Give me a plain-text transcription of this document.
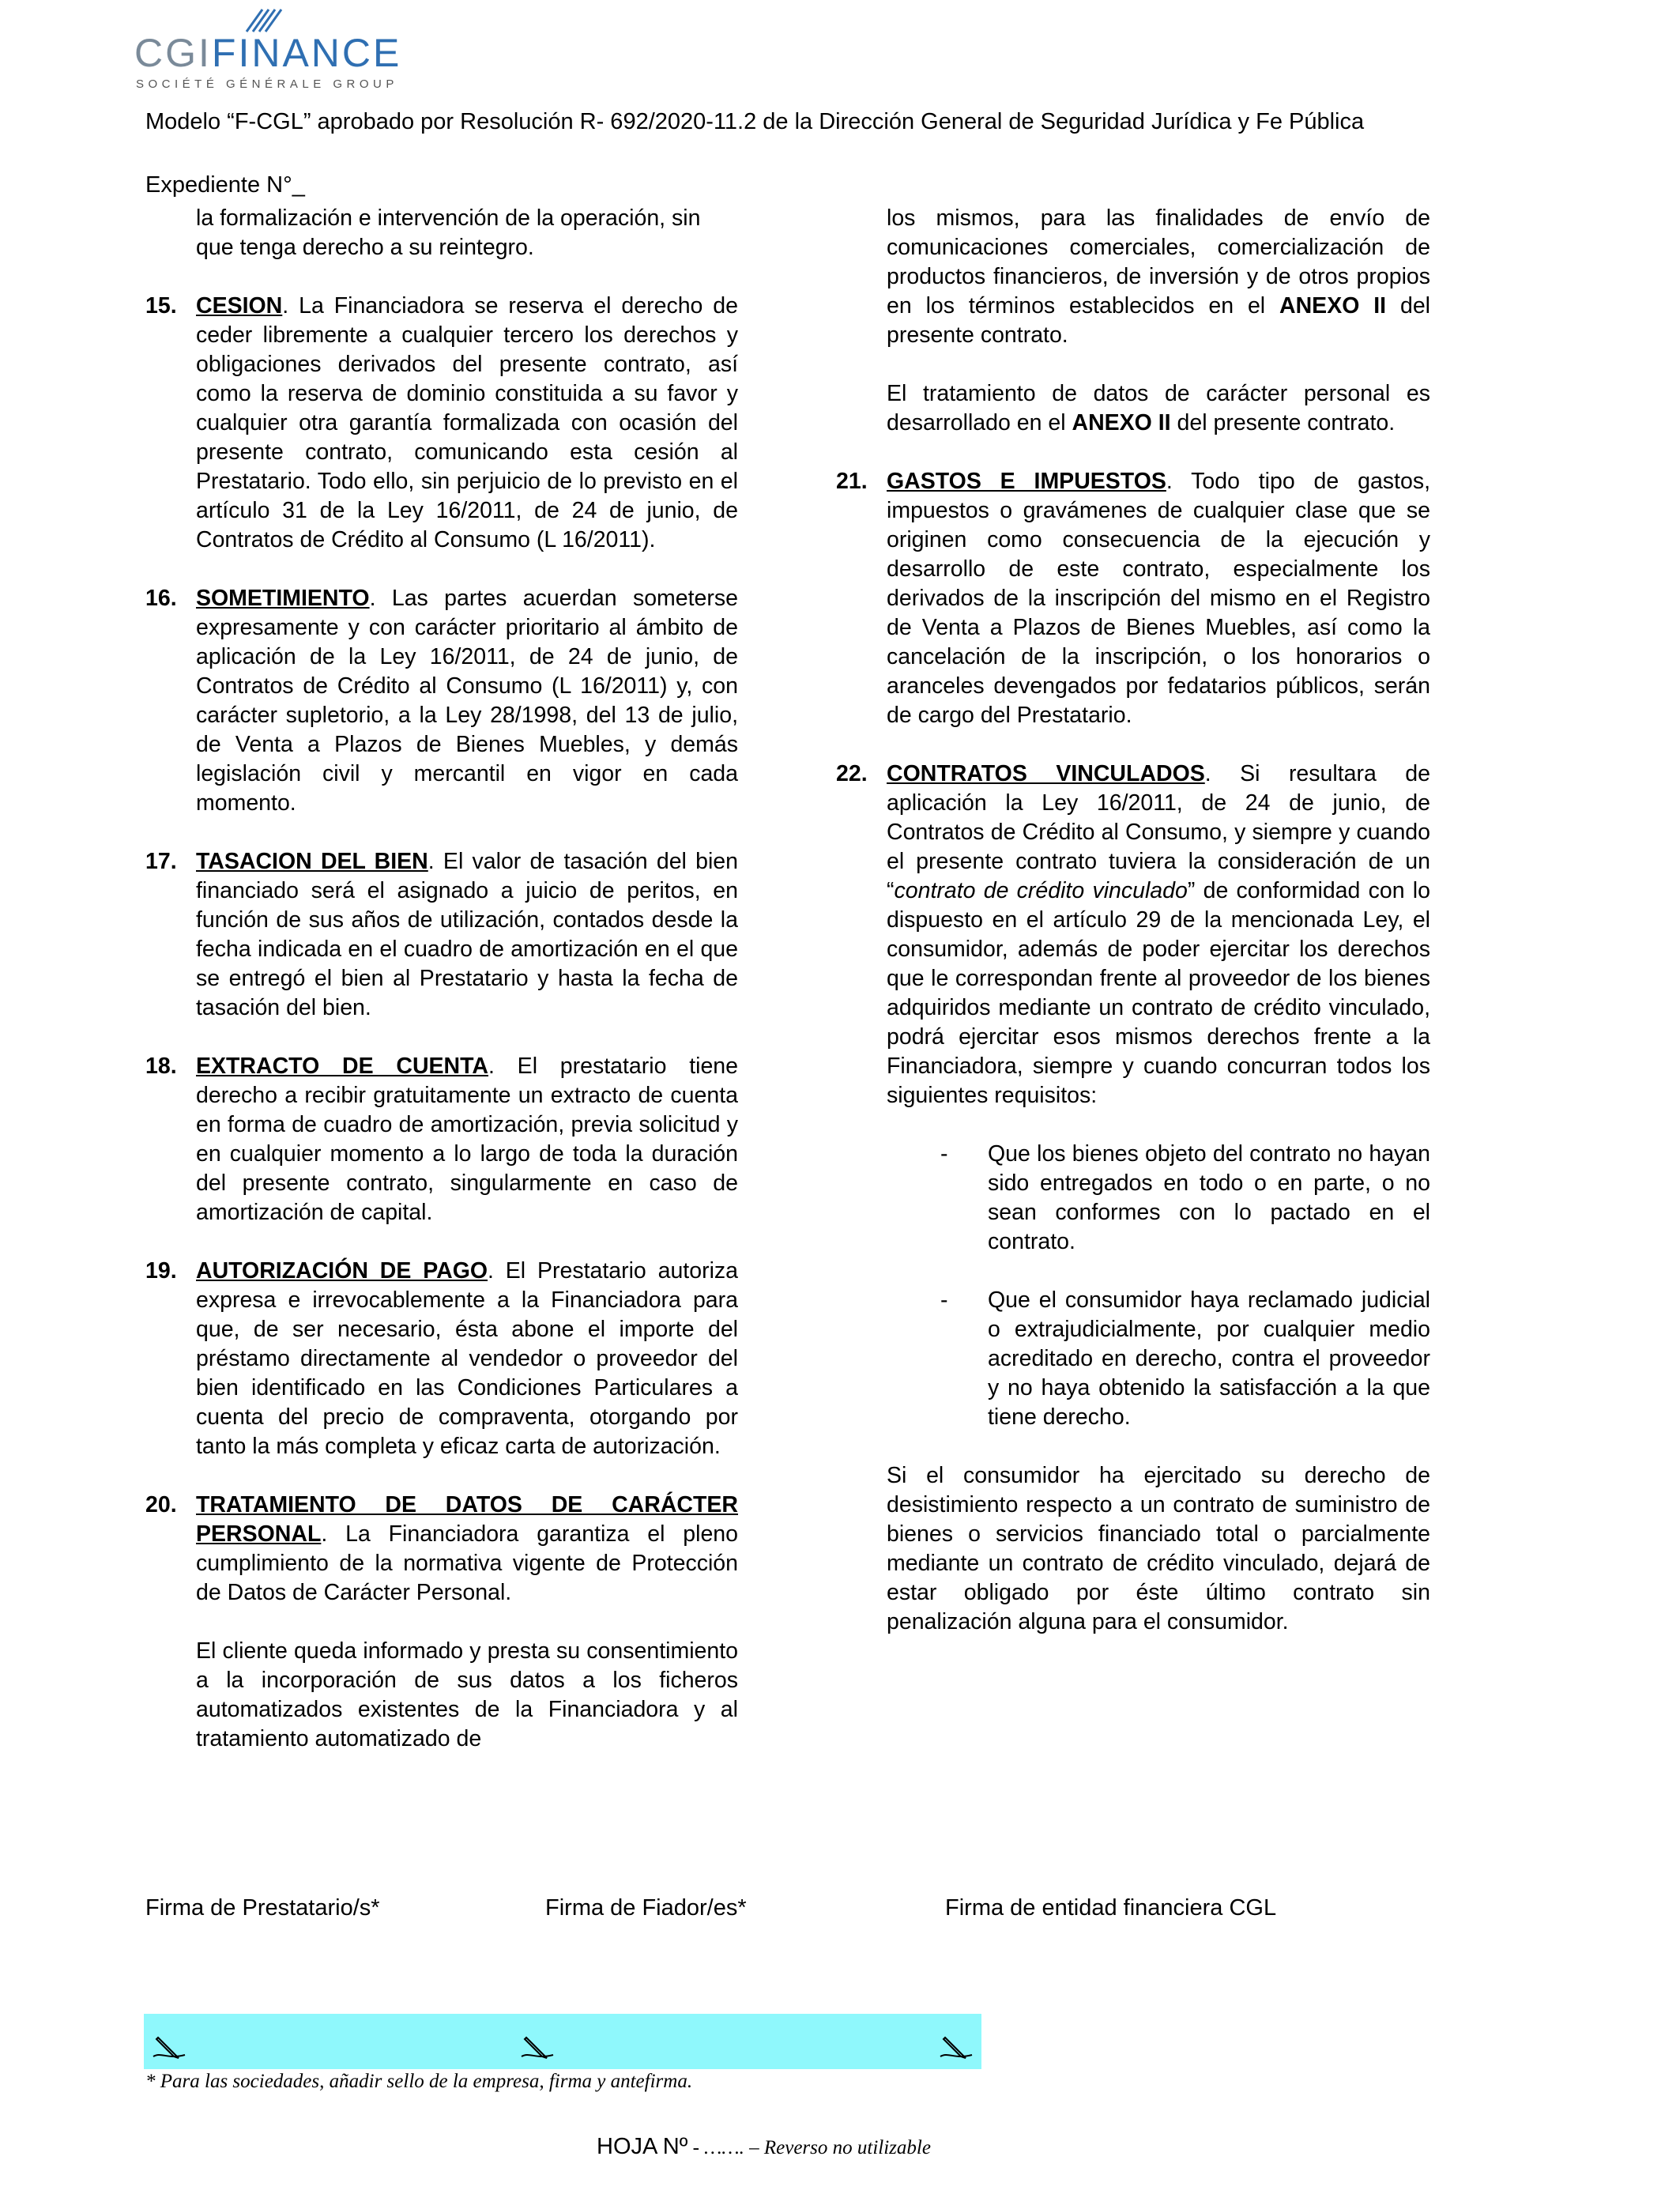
CGIFINANCE
SOCIÉTÉ GÉNÉRALE GROUP
Modelo “F-CGL” aprobado por Resolución R- 692/2020-11.2 de la Dirección General de Seguridad Jurídica y Fe Pública
Expediente N°_

la formalización e intervención de la operación, sin que tenga derecho a su reintegro.

15. CESION. La Financiadora se reserva el derecho de ceder libremente a cualquier tercero los derechos y obligaciones derivados del presente contrato, así como la reserva de dominio constituida a su favor y cualquier otra garantía formalizada con ocasión del presente contrato, comunicando esta cesión al Prestatario. Todo ello, sin perjuicio de lo previsto en el artículo 31 de la Ley 16/2011, de 24 de junio, de Contratos de Crédito al Consumo (L 16/2011).

16. SOMETIMIENTO. Las partes acuerdan someterse expresamente y con carácter prioritario al ámbito de aplicación de la Ley 16/2011, de 24 de junio, de Contratos de Crédito al Consumo (L 16/2011) y, con carácter supletorio, a la Ley 28/1998, del 13 de julio, de Venta a Plazos de Bienes Muebles, y demás legislación civil y mercantil en vigor en cada momento.

17. TASACION DEL BIEN. El valor de tasación del bien financiado será el asignado a juicio de peritos, en función de sus años de utilización, contados desde la fecha indicada en el cuadro de amortización en el que se entregó el bien al Prestatario y hasta la fecha de tasación del bien.

18. EXTRACTO DE CUENTA. El prestatario tiene derecho a recibir gratuitamente un extracto de cuenta en forma de cuadro de amortización, previa solicitud y en cualquier momento a lo largo de toda la duración del presente contrato, singularmente en caso de amortización de capital.

19. AUTORIZACIÓN DE PAGO. El Prestatario autoriza expresa e irrevocablemente a la Financiadora para que, de ser necesario, ésta abone el importe del préstamo directamente al vendedor o proveedor del bien identificado en las Condiciones Particulares a cuenta del precio de compraventa, otorgando por tanto la más completa y eficaz carta de autorización.

20. TRATAMIENTO DE DATOS DE CARÁCTER PERSONAL. La Financiadora garantiza el pleno cumplimiento de la normativa vigente de Protección de Datos de Carácter Personal.

El cliente queda informado y presta su consentimiento a la incorporación de sus datos a los ficheros automatizados existentes de la Financiadora y al tratamiento automatizado de

los mismos, para las finalidades de envío de comunicaciones comerciales, comercialización de productos financieros, de inversión y de otros propios en los términos establecidos en el ANEXO II del presente contrato.

El tratamiento de datos de carácter personal es desarrollado en el ANEXO II del presente contrato.

21. GASTOS E IMPUESTOS. Todo tipo de gastos, impuestos o gravámenes de cualquier clase que se originen como consecuencia de la ejecución y desarrollo de este contrato, especialmente los derivados de la inscripción del mismo en el Registro de Venta a Plazos de Bienes Muebles, así como la cancelación de la inscripción, o los honorarios o aranceles devengados por fedatarios públicos, serán de cargo del Prestatario.

22. CONTRATOS VINCULADOS. Si resultara de aplicación la Ley 16/2011, de 24 de junio, de Contratos de Crédito al Consumo, y siempre y cuando el presente contrato tuviera la consideración de un “contrato de crédito vinculado” de conformidad con lo dispuesto en el artículo 29 de la mencionada Ley, el consumidor, además de poder ejercitar los derechos que le correspondan frente al proveedor de los bienes adquiridos mediante un contrato de crédito vinculado, podrá ejercitar esos mismos derechos frente a la Financiadora, siempre y cuando concurran todos los siguientes requisitos:

- Que los bienes objeto del contrato no hayan sido entregados en todo o en parte, o no sean conformes con lo pactado en el contrato.
- Que el consumidor haya reclamado judicial o extrajudicialmente, por cualquier medio acreditado en derecho, contra el proveedor y no haya obtenido la satisfacción a la que tiene derecho.

Si el consumidor ha ejercitado su derecho de desistimiento respecto a un contrato de suministro de bienes o servicios financiado total o parcialmente mediante un contrato de crédito vinculado, dejará de estar obligado por éste último contrato sin penalización alguna para el consumidor.

Firma de Prestatario/s*	Firma de Fiador/es*	Firma de entidad financiera CGL
* Para las sociedades, añadir sello de la empresa, firma y antefirma.
HOJA Nº - ……. – Reverso no utilizable
